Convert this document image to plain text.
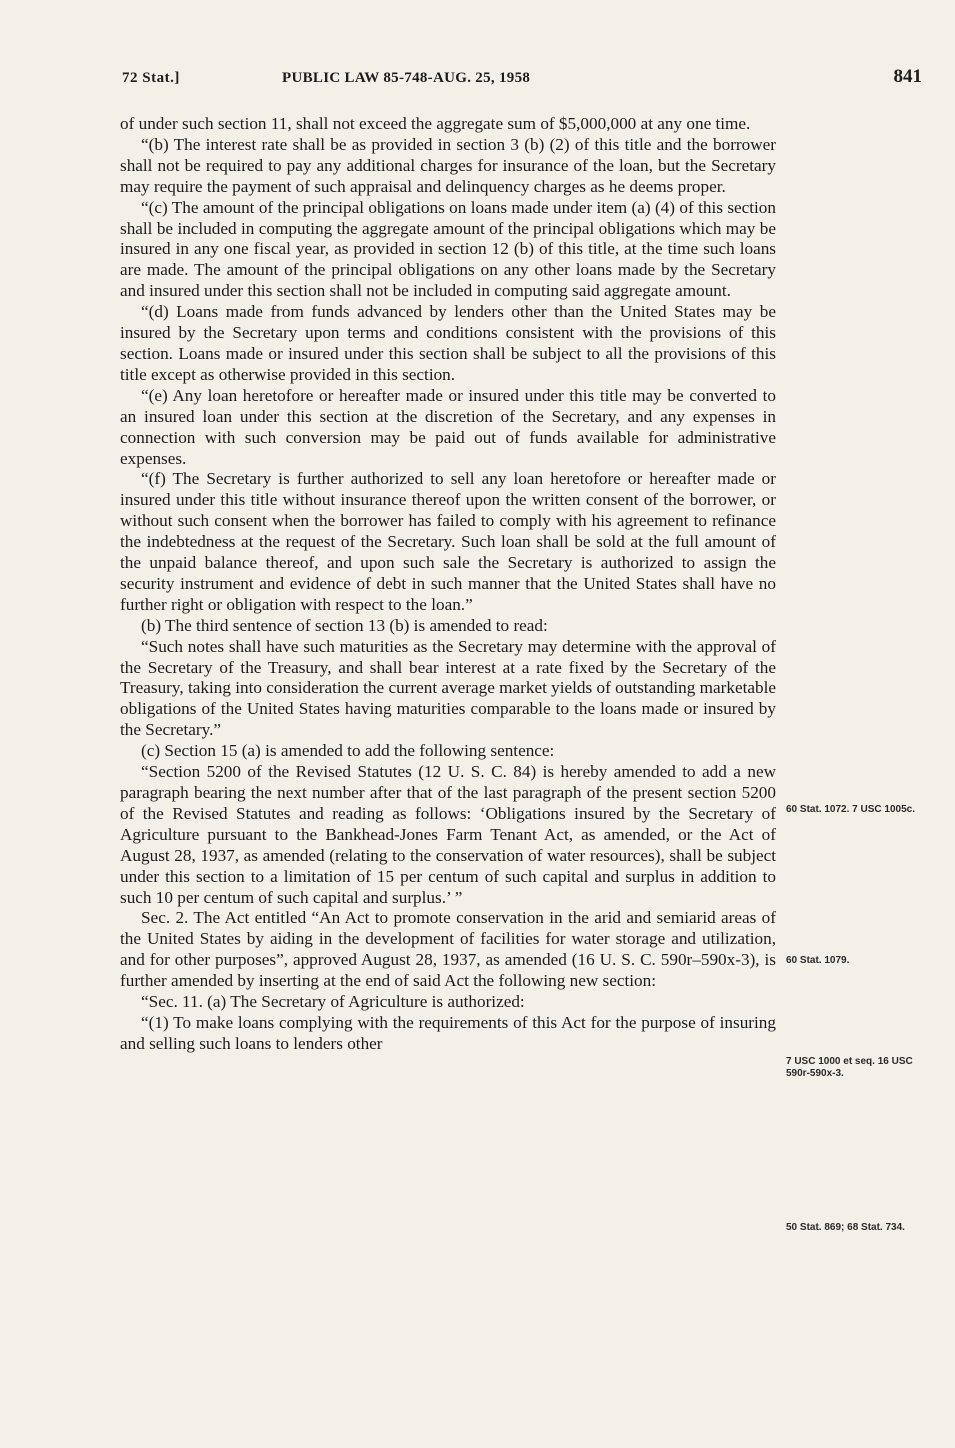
72 Stat.]	PUBLIC LAW 85-748-AUG. 25, 1958	841

of under such section 11, shall not exceed the aggregate sum of $5,000,000 at any one time.

“(b) The interest rate shall be as provided in section 3 (b) (2) of this title and the borrower shall not be required to pay any additional charges for insurance of the loan, but the Secretary may require the payment of such appraisal and delinquency charges as he deems proper.

“(c) The amount of the principal obligations on loans made under item (a) (4) of this section shall be included in computing the aggregate amount of the principal obligations which may be insured in any one fiscal year, as provided in section 12 (b) of this title, at the time such loans are made. The amount of the principal obligations on any other loans made by the Secretary and insured under this section shall not be included in computing said aggregate amount.

“(d) Loans made from funds advanced by lenders other than the United States may be insured by the Secretary upon terms and conditions consistent with the provisions of this section. Loans made or insured under this section shall be subject to all the provisions of this title except as otherwise provided in this section.

“(e) Any loan heretofore or hereafter made or insured under this title may be converted to an insured loan under this section at the discretion of the Secretary, and any expenses in connection with such conversion may be paid out of funds available for administrative expenses.

“(f) The Secretary is further authorized to sell any loan heretofore or hereafter made or insured under this title without insurance thereof upon the written consent of the borrower, or without such consent when the borrower has failed to comply with his agreement to refinance the indebtedness at the request of the Secretary. Such loan shall be sold at the full amount of the unpaid balance thereof, and upon such sale the Secretary is authorized to assign the security instrument and evidence of debt in such manner that the United States shall have no further right or obligation with respect to the loan.”

(b) The third sentence of section 13 (b) is amended to read:

“Such notes shall have such maturities as the Secretary may determine with the approval of the Secretary of the Treasury, and shall bear interest at a rate fixed by the Secretary of the Treasury, taking into consideration the current average market yields of outstanding marketable obligations of the United States having maturities comparable to the loans made or insured by the Secretary.”

(c) Section 15 (a) is amended to add the following sentence:

“Section 5200 of the Revised Statutes (12 U. S. C. 84) is hereby amended to add a new paragraph bearing the next number after that of the last paragraph of the present section 5200 of the Revised Statutes and reading as follows: ‘Obligations insured by the Secretary of Agriculture pursuant to the Bankhead-Jones Farm Tenant Act, as amended, or the Act of August 28, 1937, as amended (relating to the conservation of water resources), shall be subject under this section to a limitation of 15 per centum of such capital and surplus in addition to such 10 per centum of such capital and surplus.’ ”

Sec. 2. The Act entitled “An Act to promote conservation in the arid and semiarid areas of the United States by aiding in the development of facilities for water storage and utilization, and for other purposes”, approved August 28, 1937, as amended (16 U. S. C. 590r–590x-3), is further amended by inserting at the end of said Act the following new section:

“Sec. 11. (a) The Secretary of Agriculture is authorized:

“(1) To make loans complying with the requirements of this Act for the purpose of insuring and selling such loans to lenders other

60 Stat. 1072. 7 USC 1005c.
60 Stat. 1079.
7 USC 1000 et seq. 16 USC 590r-590x-3.
50 Stat. 869; 68 Stat. 734.
